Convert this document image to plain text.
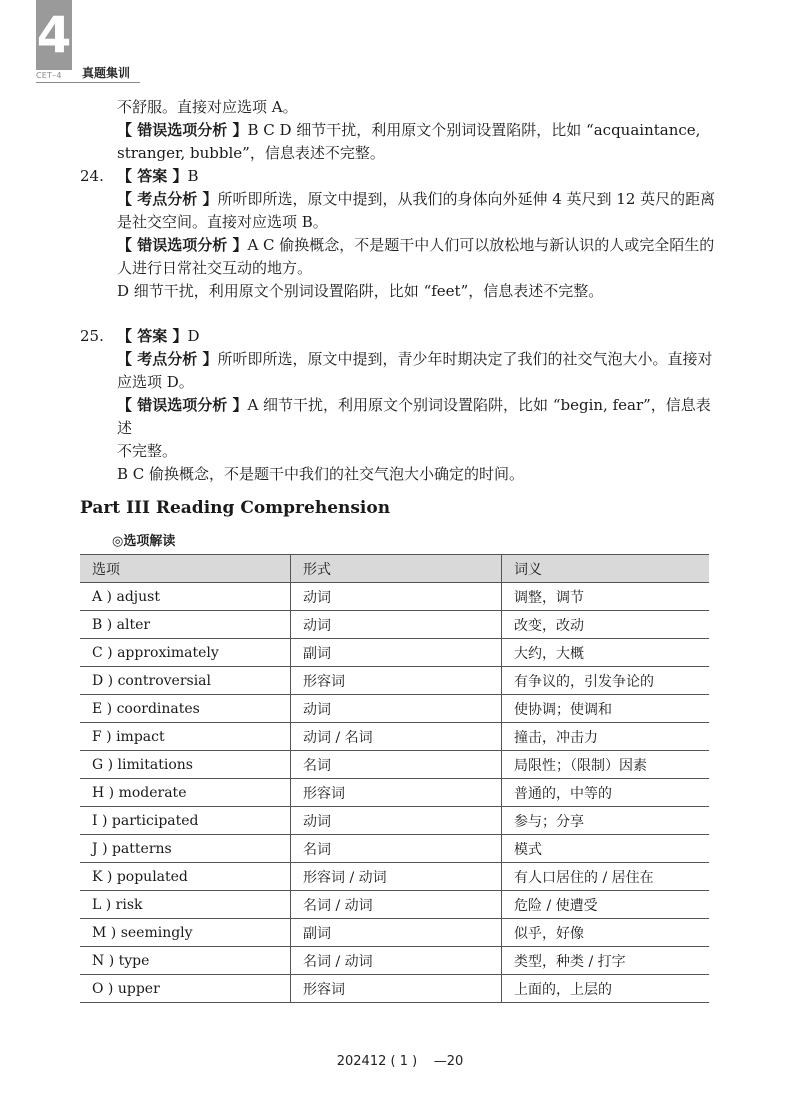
4
CET–4 真题集训
不舒服。直接对应选项 A。
【 错误选项分析 】B C D 细节干扰，利用原文个别词设置陷阱，比如 “acquaintance,
stranger, bubble”，信息表述不完整。
24. 【 答案 】B
【 考点分析 】所听即所选，原文中提到，从我们的身体向外延伸 4 英尺到 12 英尺的距离
是社交空间。直接对应选项 B。
【 错误选项分析 】A C 偷换概念，不是题干中人们可以放松地与新认识的人或完全陌生的
人进行日常社交互动的地方。
D 细节干扰，利用原文个别词设置陷阱，比如 “feet”，信息表述不完整。
25. 【 答案 】D
【 考点分析 】所听即所选，原文中提到，青少年时期决定了我们的社交气泡大小。直接对
应选项 D。
【 错误选项分析 】A 细节干扰，利用原文个别词设置陷阱，比如 “begin, fear”，信息表述
不完整。
B C 偷换概念，不是题干中我们的社交气泡大小确定的时间。
Part III Reading Comprehension
◎选项解读
选项	形式	词义
A ) adjust	动词	调整，调节
B ) alter	动词	改变，改动
C ) approximately	副词	大约，大概
D ) controversial	形容词	有争议的，引发争论的
E ) coordinates	动词	使协调；使调和
F ) impact	动词 / 名词	撞击，冲击力
G ) limitations	名词	局限性；（限制）因素
H ) moderate	形容词	普通的，中等的
I ) participated	动词	参与；分享
J ) patterns	名词	模式
K ) populated	形容词 / 动词	有人口居住的 / 居住在
L ) risk	名词 / 动词	危险 / 使遭受
M ) seemingly	副词	似乎，好像
N ) type	名词 / 动词	类型，种类 / 打字
O ) upper	形容词	上面的，上层的
202412 ( 1 ) —20
